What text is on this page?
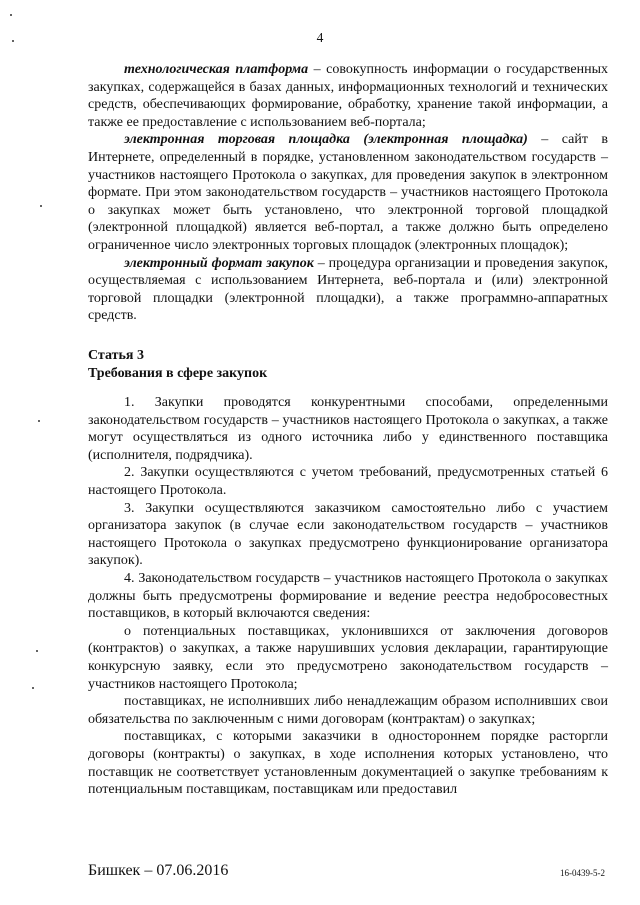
4

технологическая платформа – совокупность информации о государственных закупках, содержащейся в базах данных, информационных технологий и технических средств, обеспечивающих формирование, обработку, хранение такой информации, а также ее предоставление с использованием веб-портала;

электронная торговая площадка (электронная площадка) – сайт в Интернете, определенный в порядке, установленном законодательством государств – участников настоящего Протокола о закупках, для проведения закупок в электронном формате. При этом законодательством государств – участников настоящего Протокола о закупках может быть установлено, что электронной торговой площадкой (электронной площадкой) является веб-портал, а также должно быть определено ограниченное число электронных торговых площадок (электронных площадок);

электронный формат закупок – процедура организации и проведения закупок, осуществляемая с использованием Интернета, веб-портала и (или) электронной торговой площадки (электронной площадки), а также программно-аппаратных средств.

Статья 3

Требования в сфере закупок

1. Закупки проводятся конкурентными способами, определенными законодательством государств – участников настоящего Протокола о закупках, а также могут осуществляться из одного источника либо у единственного поставщика (исполнителя, подрядчика).

2. Закупки осуществляются с учетом требований, предусмотренных статьей 6 настоящего Протокола.

3. Закупки осуществляются заказчиком самостоятельно либо с участием организатора закупок (в случае если законодательством государств – участников настоящего Протокола о закупках предусмотрено функционирование организатора закупок).

4. Законодательством государств – участников настоящего Протокола о закупках должны быть предусмотрены формирование и ведение реестра недобросовестных поставщиков, в который включаются сведения:

о потенциальных поставщиках, уклонившихся от заключения договоров (контрактов) о закупках, а также нарушивших условия декларации, гарантирующие конкурсную заявку, если это предусмотрено законодательством государств – участников настоящего Протокола;

поставщиках, не исполнивших либо ненадлежащим образом исполнивших свои обязательства по заключенным с ними договорам (контрактам) о закупках;

поставщиках, с которыми заказчики в одностороннем порядке расторгли договоры (контракты) о закупках, в ходе исполнения которых установлено, что поставщик не соответствует установленным документацией о закупке требованиям к потенциальным поставщикам, поставщикам или предоставил

Бишкек – 07.06.2016	16-0439-5-2
